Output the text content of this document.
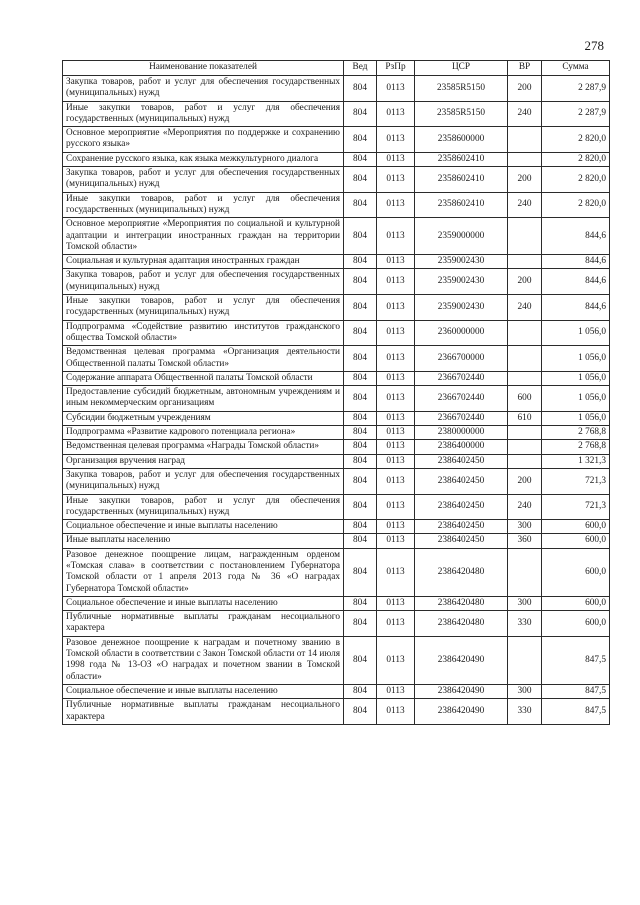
278
Наименование показателей	Вед	РзПр	ЦСР	ВР	Сумма
Закупка товаров, работ и услуг для обеспечения государственных (муниципальных) нужд	804	0113	23585R5150	200	2 287,9
Иные закупки товаров, работ и услуг для обеспечения государственных (муниципальных) нужд	804	0113	23585R5150	240	2 287,9
Основное мероприятие «Мероприятия по поддержке и сохранению русского языка»	804	0113	2358600000		2 820,0
Сохранение русского языка, как языка межкультурного диалога	804	0113	2358602410		2 820,0
Закупка товаров, работ и услуг для обеспечения государственных (муниципальных) нужд	804	0113	2358602410	200	2 820,0
Иные закупки товаров, работ и услуг для обеспечения государственных (муниципальных) нужд	804	0113	2358602410	240	2 820,0
Основное мероприятие «Мероприятия по социальной и культурной адаптации и интеграции иностранных граждан на территории Томской области»	804	0113	2359000000		844,6
Социальная и культурная адаптация иностранных граждан	804	0113	2359002430		844,6
Закупка товаров, работ и услуг для обеспечения государственных (муниципальных) нужд	804	0113	2359002430	200	844,6
Иные закупки товаров, работ и услуг для обеспечения государственных (муниципальных) нужд	804	0113	2359002430	240	844,6
Подпрограмма «Содействие развитию институтов гражданского общества Томской области»	804	0113	2360000000		1 056,0
Ведомственная целевая программа «Организация деятельности Общественной палаты Томской области»	804	0113	2366700000		1 056,0
Содержание аппарата Общественной палаты Томской области	804	0113	2366702440		1 056,0
Предоставление субсидий бюджетным, автономным учреждениям и иным некоммерческим организациям	804	0113	2366702440	600	1 056,0
Субсидии бюджетным учреждениям	804	0113	2366702440	610	1 056,0
Подпрограмма «Развитие кадрового потенциала региона»	804	0113	2380000000		2 768,8
Ведомственная целевая программа «Награды Томской области»	804	0113	2386400000		2 768,8
Организация вручения наград	804	0113	2386402450		1 321,3
Закупка товаров, работ и услуг для обеспечения государственных (муниципальных) нужд	804	0113	2386402450	200	721,3
Иные закупки товаров, работ и услуг для обеспечения государственных (муниципальных) нужд	804	0113	2386402450	240	721,3
Социальное обеспечение и иные выплаты населению	804	0113	2386402450	300	600,0
Иные выплаты населению	804	0113	2386402450	360	600,0
Разовое денежное поощрение лицам, награжденным орденом «Томская слава» в соответствии с постановлением Губернатора Томской области от 1 апреля 2013 года № 36 «О наградах Губернатора Томской области»	804	0113	2386420480		600,0
Социальное обеспечение и иные выплаты населению	804	0113	2386420480	300	600,0
Публичные нормативные выплаты гражданам несоциального характера	804	0113	2386420480	330	600,0
Разовое денежное поощрение к наградам и почетному званию в Томской области в соответствии с Закон Томской области от 14 июля 1998 года № 13-ОЗ «О наградах и почетном звании в Томской области»	804	0113	2386420490		847,5
Социальное обеспечение и иные выплаты населению	804	0113	2386420490	300	847,5
Публичные нормативные выплаты гражданам несоциального характера	804	0113	2386420490	330	847,5
